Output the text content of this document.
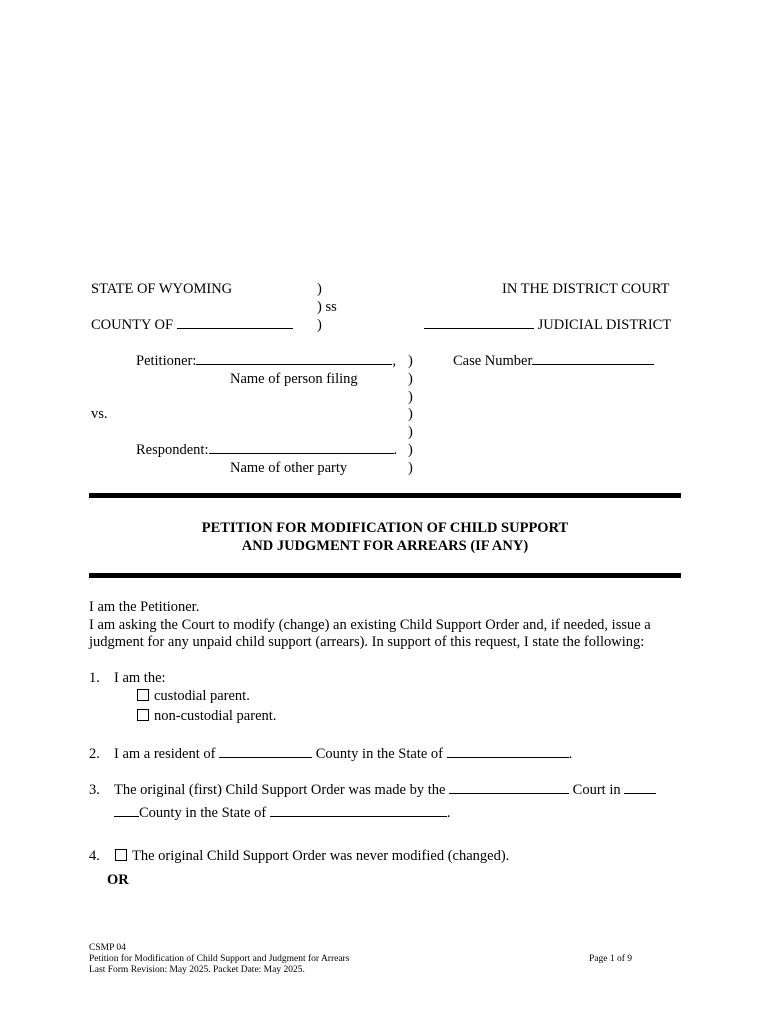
STATE OF WYOMING	)
) ss
)
IN THE DISTRICT COURT
COUNTY OF	JUDICIAL DISTRICT
Petitioner:	,
Name of person filing
)
)
)
)
)
)
)
Case Number
vs.
Respondent:	.
Name of other party
PETITION FOR MODIFICATION OF CHILD SUPPORT
AND JUDGMENT FOR ARREARS (IF ANY)
I am the Petitioner.
I am asking the Court to modify (change) an existing Child Support Order and, if needed, issue a
judgment for any unpaid child support (arrears). In support of this request, I state the following:
1. I am the:
custodial parent.
non-custodial parent.
2. I am a resident of	County in the State of	.
3. The original (first) Child Support Order was made by the	Court in
County in the State of	.
4.	The original Child Support Order was never modified (changed).
OR
CSMP 04
Petition for Modification of Child Support and Judgment for Arrears
Last Form Revision: May 2025. Packet Date: May 2025.
Page 1 of 9
